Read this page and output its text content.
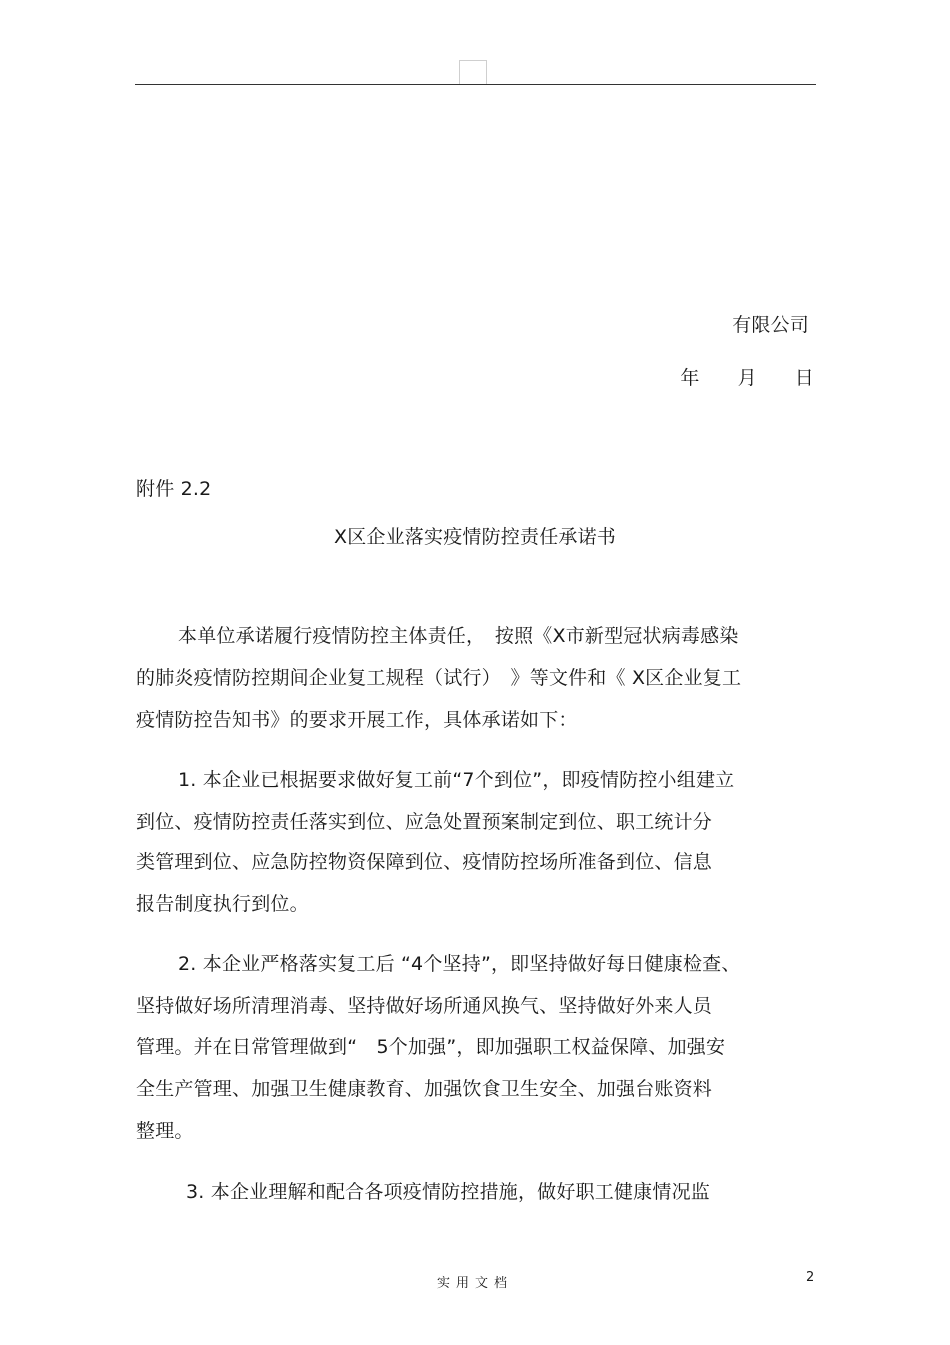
有限公司
年 月 日
附件 2.2
X区企业落实疫情防控责任承诺书
本单位承诺履行疫情防控主体责任，　按照《X市新型冠状病毒感染
的肺炎疫情防控期间企业复工规程（试行）　》等文件和《 X区企业复工
疫情防控告知书》的要求开展工作，具体承诺如下：
1. 本企业已根据要求做好复工前“7个到位”，即疫情防控小组建立
到位、疫情防控责任落实到位、应急处置预案制定到位、职工统计分
类管理到位、应急防控物资保障到位、疫情防控场所准备到位、信息
报告制度执行到位。
2. 本企业严格落实复工后 “4个坚持”，即坚持做好每日健康检查、
坚持做好场所清理消毒、坚持做好场所通风换气、坚持做好外来人员
管理。并在日常管理做到“　5个加强”，即加强职工权益保障、加强安
全生产管理、加强卫生健康教育、加强饮食卫生安全、加强台账资料
整理。
3. 本企业理解和配合各项疫情防控措施，做好职工健康情况监
实用文档	2
